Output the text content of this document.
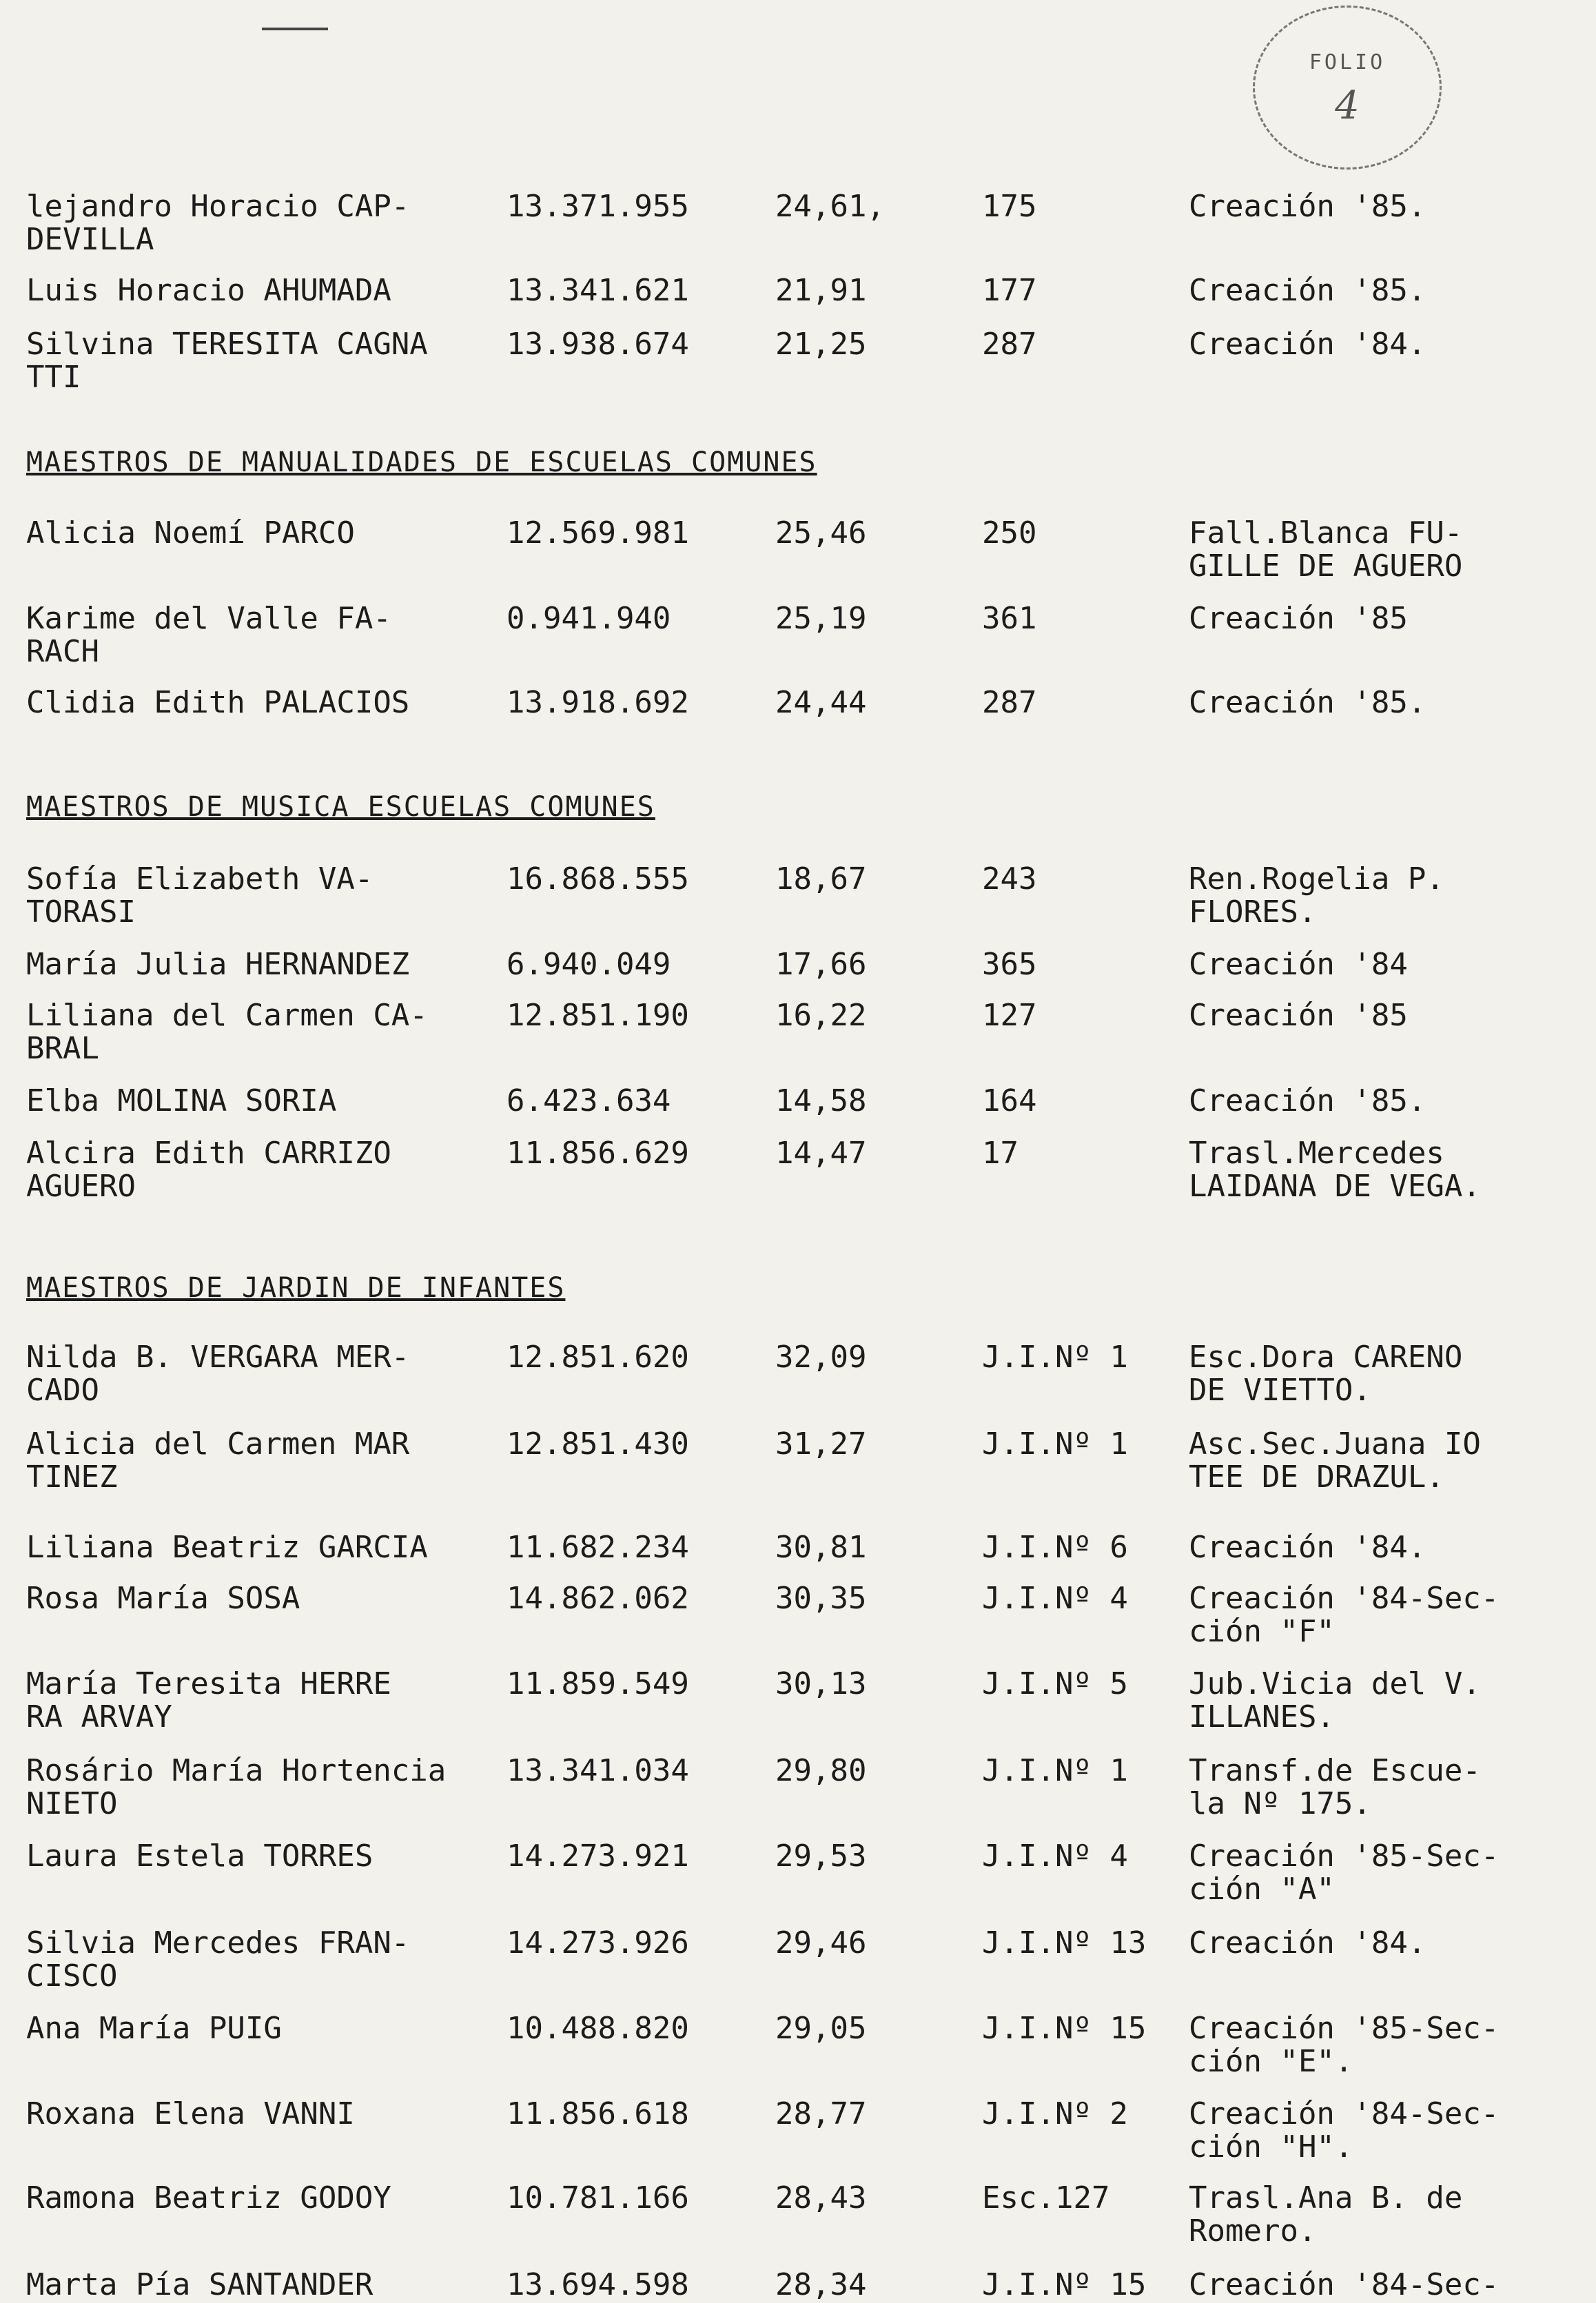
FOLIO
4
lejandro Horacio CAP-
DEVILLA
13.371.955	24,61,	175	Creación '85.
Luis Horacio AHUMADA	13.341.621	21,91	177	Creación '85.
Silvina TERESITA CAGNA
TTI
13.938.674	21,25	287	Creación '84.
MAESTROS DE MANUALIDADES DE ESCUELAS COMUNES
Alicia Noemí PARCO	12.569.981	25,46	250	Fall.Blanca FU-
GILLE DE AGUERO
Karime del Valle FA-
RACH
0.941.940	25,19	361	Creación '85
Clidia Edith PALACIOS	13.918.692	24,44	287	Creación '85.
MAESTROS DE MUSICA ESCUELAS COMUNES
Sofía Elizabeth VA-
TORASI
16.868.555	18,67	243	Ren.Rogelia P.
FLORES.
María Julia HERNANDEZ	6.940.049	17,66	365	Creación '84
Liliana del Carmen CA-
BRAL
12.851.190	16,22	127	Creación '85
Elba MOLINA SORIA	6.423.634	14,58	164	Creación '85.
Alcira Edith CARRIZO
AGUERO
11.856.629	14,47	17	Trasl.Mercedes
LAIDANA DE VEGA.
MAESTROS DE JARDIN DE INFANTES
Nilda B. VERGARA MER-
CADO
12.851.620	32,09	J.I.Nº 1	Esc.Dora CARENO
DE VIETTO.
Alicia del Carmen MAR
TINEZ
12.851.430	31,27	J.I.Nº 1	Asc.Sec.Juana IO
TEE DE DRAZUL.
Liliana Beatriz GARCIA	11.682.234	30,81	J.I.Nº 6	Creación '84.
Rosa María SOSA	14.862.062	30,35	J.I.Nº 4	Creación '84-Sec-
ción "F"
María Teresita HERRE
RA ARVAY
11.859.549	30,13	J.I.Nº 5	Jub.Vicia del V.
ILLANES.
Rosário María Hortencia NIETO
13.341.034	29,80	J.I.Nº 1	Transf.de Escue-
la Nº 175.
Laura Estela TORRES	14.273.921	29,53	J.I.Nº 4	Creación '85-Sec-
ción "A"
Silvia Mercedes FRAN-
CISCO
14.273.926	29,46	J.I.Nº 13	Creación '84.
Ana María PUIG	10.488.820	29,05	J.I.Nº 15	Creación '85-Sec-
ción "E".
Roxana Elena VANNI	11.856.618	28,77	J.I.Nº 2	Creación '84-Sec-
ción "H".
Ramona Beatriz GODOY	10.781.166	28,43	Esc.127	Trasl.Ana B. de
Romero.
Marta Pía SANTANDER	13.694.598	28,34	J.I.Nº 15	Creación '84-Sec-
